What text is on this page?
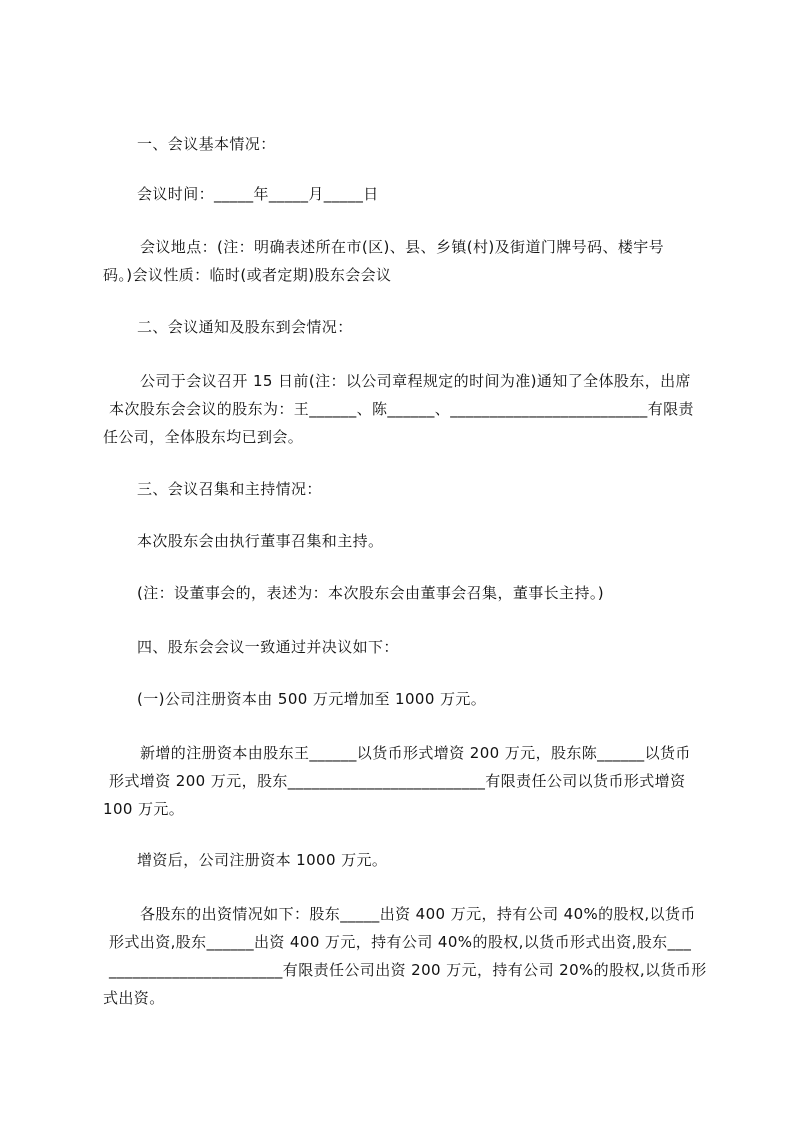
一、会议基本情况：

会议时间：_____年_____月_____日

会议地点：(注：明确表述所在市(区)、县、乡镇(村)及街道门牌号码、楼宇号
码。)会议性质：临时(或者定期)股东会会议

二、会议通知及股东到会情况：

公司于会议召开 15 日前(注：以公司章程规定的时间为准)通知了全体股东，出席
本次股东会会议的股东为：王______、陈______、_________________________有限责
任公司，全体股东均已到会。

三、会议召集和主持情况：

本次股东会由执行董事召集和主持。

(注：设董事会的，表述为：本次股东会由董事会召集，董事长主持。)

四、股东会会议一致通过并决议如下：

(一)公司注册资本由 500 万元增加至 1000 万元。

新增的注册资本由股东王______以货币形式增资 200 万元，股东陈______以货币
形式增资 200 万元，股东_________________________有限责任公司以货币形式增资
100 万元。

增资后，公司注册资本 1000 万元。

各股东的出资情况如下：股东_____出资 400 万元，持有公司 40%的股权,以货币
形式出资,股东______出资 400 万元，持有公司 40%的股权,以货币形式出资,股东___
______________________有限责任公司出资 200 万元，持有公司 20%的股权,以货币形
式出资。
